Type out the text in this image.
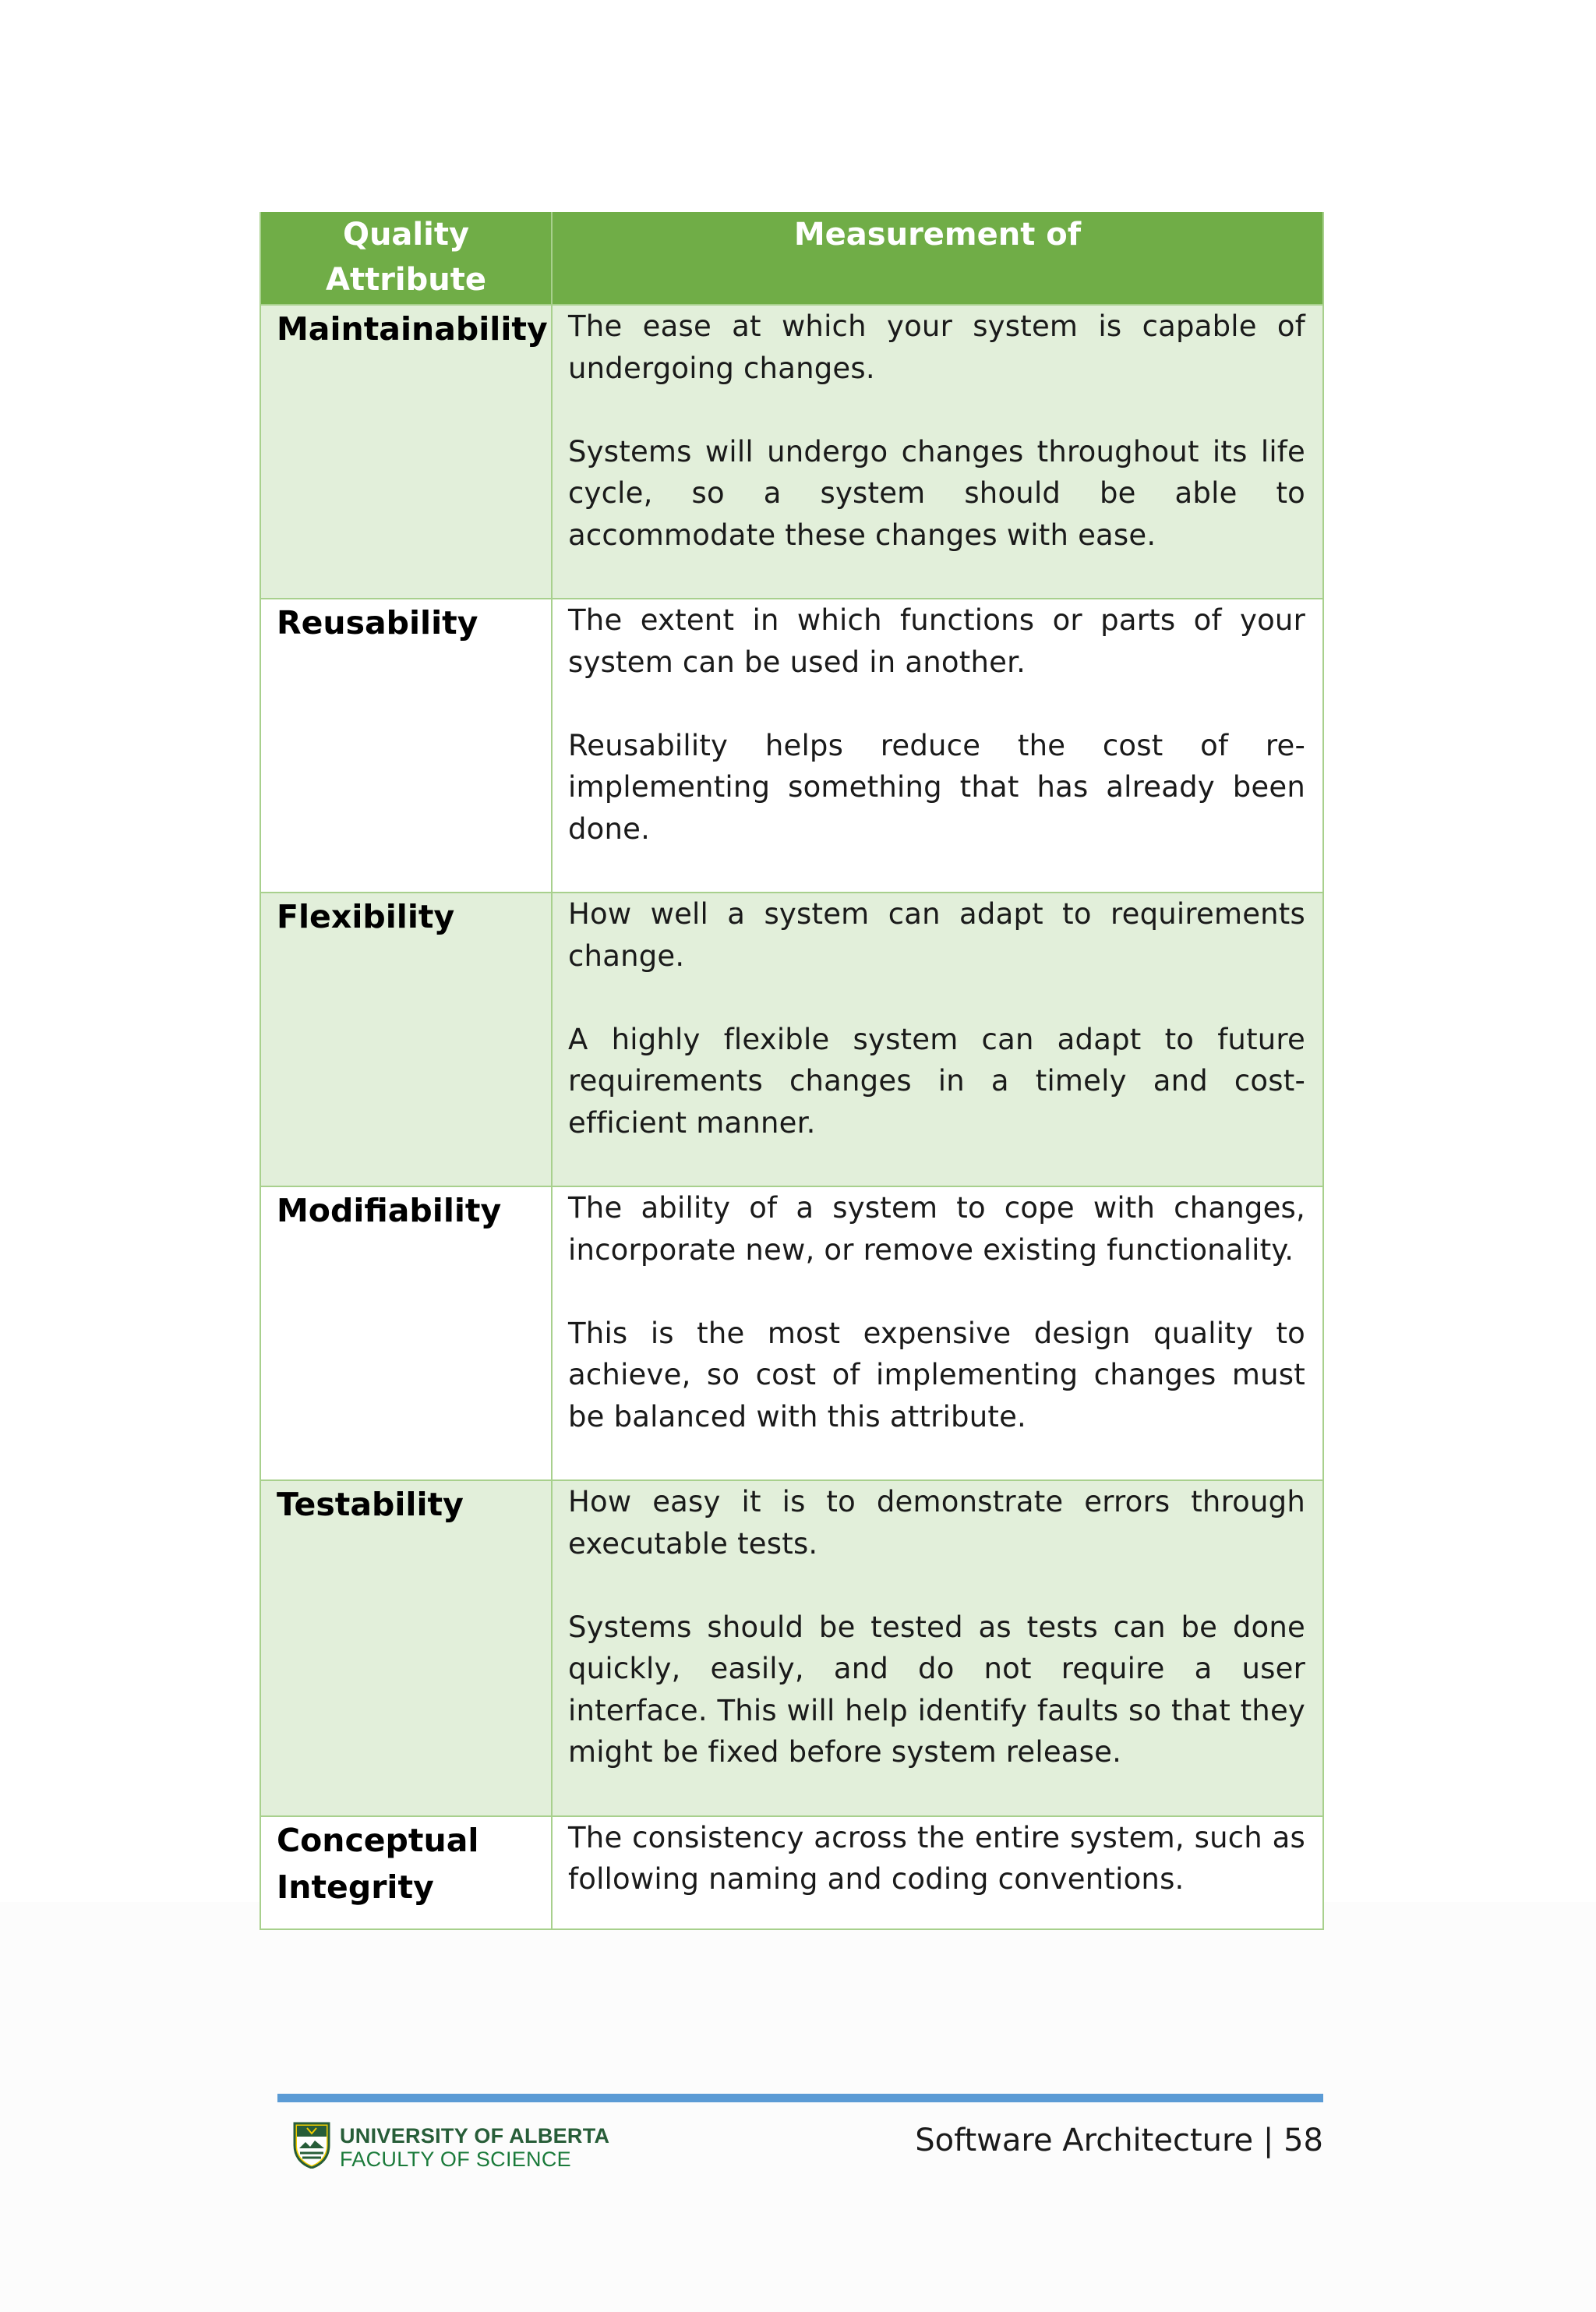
Quality Attribute	Measurement of
Maintainability	The ease at which your system is capable of undergoing changes.

Systems will undergo changes throughout its life cycle, so a system should be able to accommodate these changes with ease.

Reusability	The extent in which functions or parts of your system can be used in another.

Reusability helps reduce the cost of re-implementing something that has already been done.

Flexibility	How well a system can adapt to requirements change.

A highly flexible system can adapt to future requirements changes in a timely and cost-efficient manner.

Modifiability	The ability of a system to cope with changes, incorporate new, or remove existing functionality.

This is the most expensive design quality to achieve, so cost of implementing changes must be balanced with this attribute.

Testability	How easy it is to demonstrate errors through executable tests.

Systems should be tested as tests can be done quickly, easily, and do not require a user interface. This will help identify faults so that they might be fixed before system release.

Conceptual Integrity	The consistency across the entire system, such as following naming and coding conventions.

UNIVERSITY OF ALBERTA
FACULTY OF SCIENCE
Software Architecture | 58
